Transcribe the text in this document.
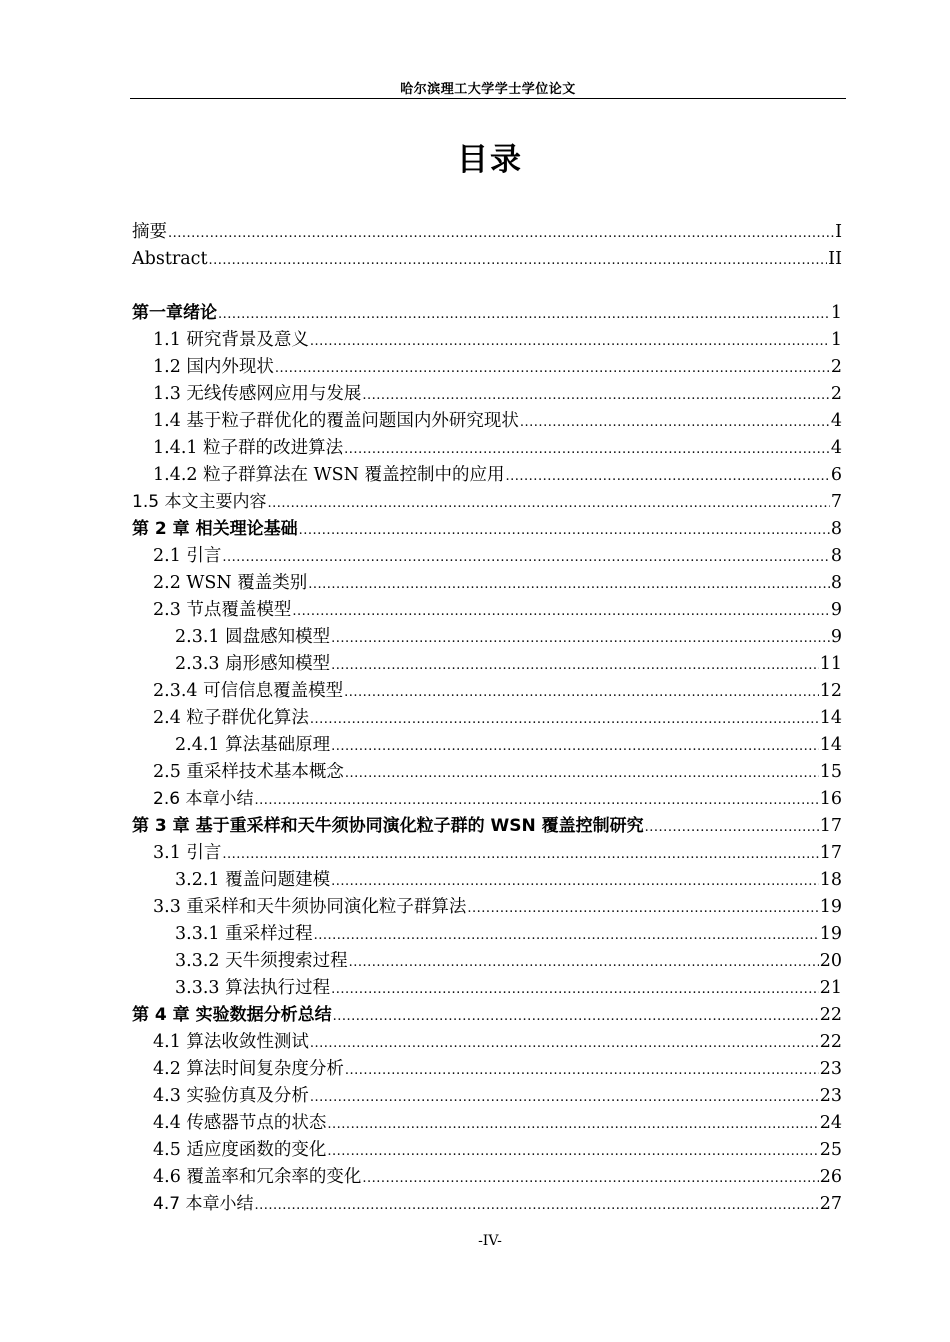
哈尔滨理工大学学士学位论文
目录
摘要 .....	I
Abstract .....	II
第一章绪论 .....	1
1.1 研究背景及意义 .....	1
1.2 国内外现状 .....	2
1.3 无线传感网应用与发展 .....	2
1.4 基于粒子群优化的覆盖问题国内外研究现状 .....	4
1.4.1 粒子群的改进算法 .....	4
1.4.2 粒子群算法在 WSN 覆盖控制中的应用 .....	6
1.5 本文主要内容 .....	7
第 2 章 相关理论基础 .....	8
2.1 引言 .....	8
2.2 WSN 覆盖类别 .....	8
2.3 节点覆盖模型 .....	9
2.3.1 圆盘感知模型 .....	9
2.3.3 扇形感知模型 .....	11
2.3.4 可信信息覆盖模型 .....	12
2.4 粒子群优化算法 .....	14
2.4.1 算法基础原理 .....	14
2.5 重采样技术基本概念 .....	15
2.6 本章小结 .....	16
第 3 章 基于重采样和天牛须协同演化粒子群的 WSN 覆盖控制研究 .....	17
3.1 引言 .....	17
3.2.1 覆盖问题建模 .....	18
3.3 重采样和天牛须协同演化粒子群算法 .....	19
3.3.1 重采样过程 .....	19
3.3.2 天牛须搜索过程 .....	20
3.3.3 算法执行过程 .....	21
第 4 章 实验数据分析总结 .....	22
4.1 算法收敛性测试 .....	22
4.2 算法时间复杂度分析 .....	23
4.3 实验仿真及分析 .....	23
4.4 传感器节点的状态 .....	24
4.5 适应度函数的变化 .....	25
4.6 覆盖率和冗余率的变化 .....	26
4.7 本章小结 .....	27
-IV-
